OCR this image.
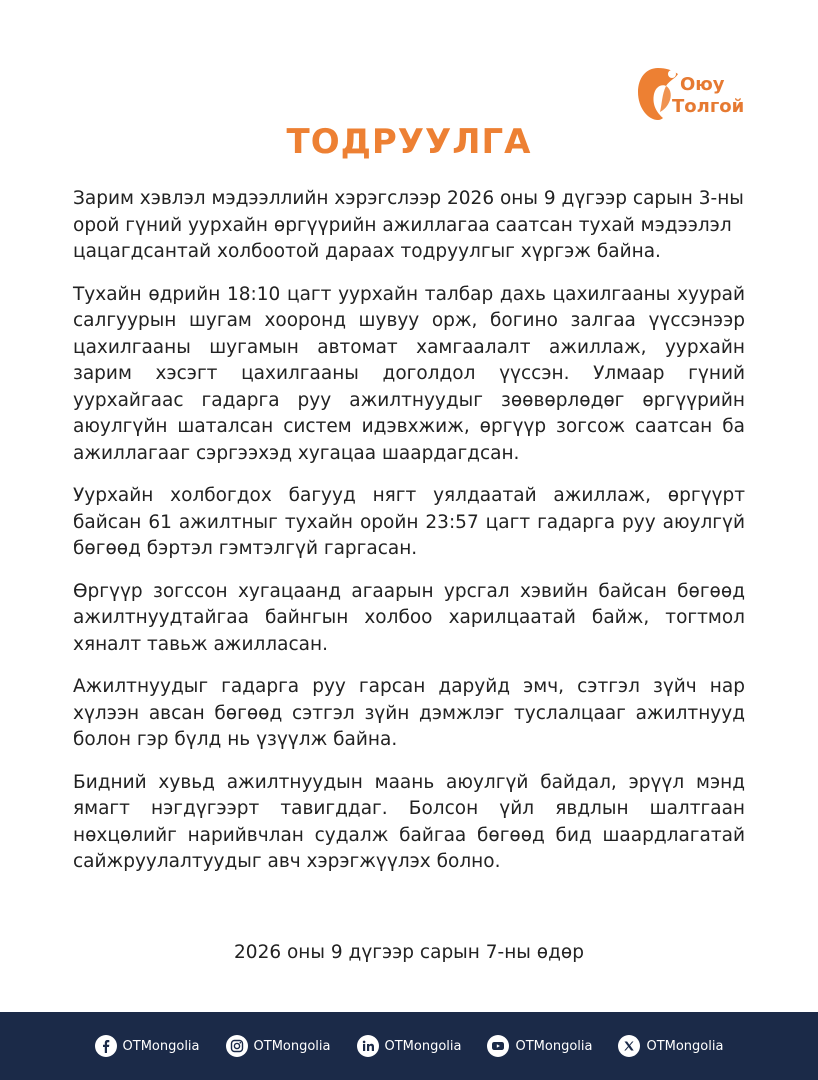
Оюу
Толгой
ТОДРУУЛГА

Зарим хэвлэл мэдээллийн хэрэгслээр 2026 оны 9 дүгээр сарын 3-ны орой гүний уурхайн өргүүрийн ажиллагаа саатсан тухай мэдээлэл цацагдсантай холбоотой дараах тодруулгыг хүргэж байна.

Тухайн өдрийн 18:10 цагт уурхайн талбар дахь цахилгааны хуурай салгуурын шугам хооронд шувуу орж, богино залгаа үүссэнээр цахилгааны шугамын автомат хамгаалалт ажиллаж, уурхайн зарим хэсэгт цахилгааны доголдол үүссэн. Улмаар гүний уурхайгаас гадарга руу ажилтнуудыг зөөвөрлөдөг өргүүрийн аюулгүйн шаталсан систем идэвхжиж, өргүүр зогсож саатсан ба ажиллагааг сэргээхэд хугацаа шаардагдсан.

Уурхайн холбогдох багууд нягт уялдаатай ажиллаж, өргүүрт байсан 61 ажилтныг тухайн оройн 23:57 цагт гадарга руу аюулгүй бөгөөд бэртэл гэмтэлгүй гаргасан.

Өргүүр зогссон хугацаанд агаарын урсгал хэвийн байсан бөгөөд ажилтнуудтайгаа байнгын холбоо харилцаатай байж, тогтмол хяналт тавьж ажилласан.

Ажилтнуудыг гадарга руу гарсан даруйд эмч, сэтгэл зүйч нар хүлээн авсан бөгөөд сэтгэл зүйн дэмжлэг туслалцааг ажилтнууд болон гэр бүлд нь үзүүлж байна.

Бидний хувьд ажилтнуудын маань аюулгүй байдал, эрүүл мэнд ямагт нэгдүгээрт тавигддаг. Болсон үйл явдлын шалтгаан нөхцөлийг нарийвчлан судалж байгаа бөгөөд бид шаардлагатай сайжруулалтуудыг авч хэрэгжүүлэх болно.

2026 оны 9 дүгээр сарын 7-ны өдөр
OTMongolia	OTMongolia	OTMongolia	OTMongolia	OTMongolia
